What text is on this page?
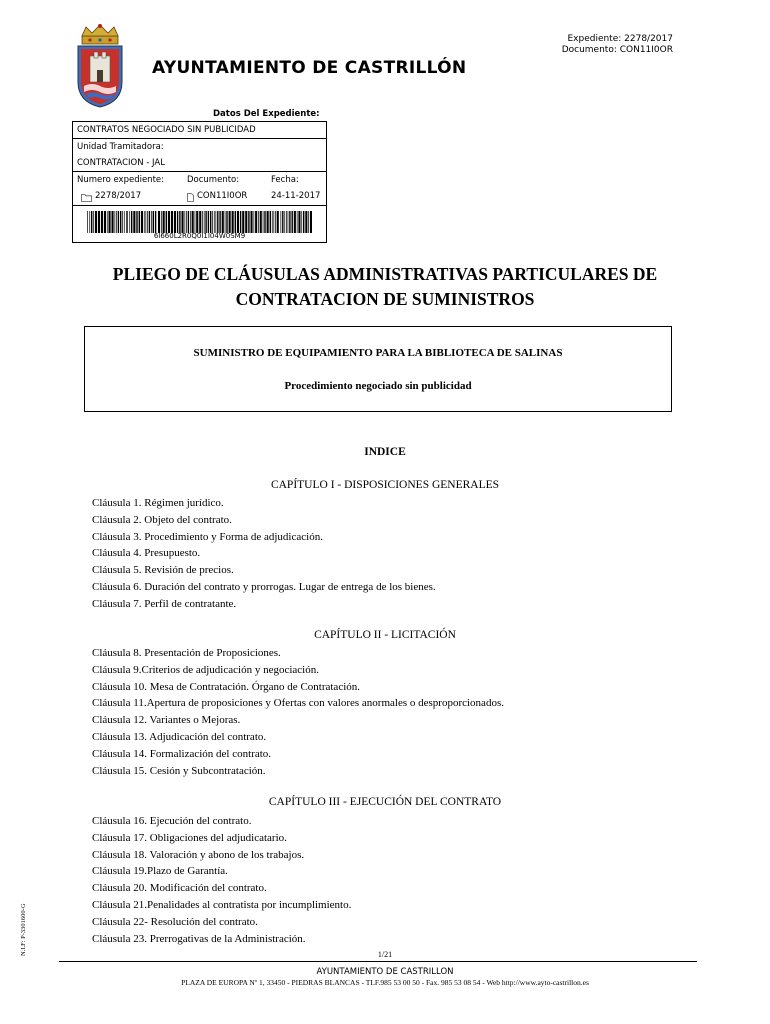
Expediente: 2278/2017
Documento: CON11I0OR
AYUNTAMIENTO DE CASTRILLÓN
Datos Del Expediente:
CONTRATOS NEGOCIADO SIN PUBLICIDAD
Unidad Tramitadora:
CONTRATACION - JAL
Numero expediente:	Documento:	Fecha:
2278/2017	CON11I0OR	24-11-2017
6I660L2R0Q0I1I04W0SM9
PLIEGO DE CLÁUSULAS ADMINISTRATIVAS PARTICULARES DE
CONTRATACION DE SUMINISTROS
SUMINISTRO DE EQUIPAMIENTO PARA LA BIBLIOTECA DE SALINAS
Procedimiento negociado sin publicidad
INDICE
CAPÍTULO I - DISPOSICIONES GENERALES
Cláusula 1. Régimen jurídico.
Cláusula 2. Objeto del contrato.
Cláusula 3. Procedimiento y Forma de adjudicación.
Cláusula 4. Presupuesto.
Cláusula 5. Revisión de precios.
Cláusula 6. Duración del contrato y prorrogas. Lugar de entrega de los bienes.
Cláusula 7. Perfil de contratante.
CAPÍTULO II - LICITACIÓN
Cláusula 8. Presentación de Proposiciones.
Cláusula 9.Criterios de adjudicación y negociación.
Cláusula 10. Mesa de Contratación. Órgano de Contratación.
Cláusula 11.Apertura de proposiciones y Ofertas con valores anormales o desproporcionados.
Cláusula 12. Variantes o Mejoras.
Cláusula 13. Adjudicación del contrato.
Cláusula 14. Formalización del contrato.
Cláusula 15. Cesión y Subcontratación.
CAPÍTULO III - EJECUCIÓN DEL CONTRATO
Cláusula 16. Ejecución del contrato.
Cláusula 17. Obligaciones del adjudicatario.
Cláusula 18. Valoración y abono de los trabajos.
Cláusula 19.Plazo de Garantía.
Cláusula 20. Modificación del contrato.
Cláusula 21.Penalidades al contratista por incumplimiento.
Cláusula 22- Resolución del contrato.
Cláusula 23. Prerrogativas de la Administración.
N.I.F: P-3301600-G	1/21
AYUNTAMIENTO DE CASTRILLON
PLAZA DE EUROPA Nº 1, 33450 - PIEDRAS BLANCAS - TLF.985 53 00 50 - Fax. 985 53 08 54 - Web http://www.ayto-castrillon.es
